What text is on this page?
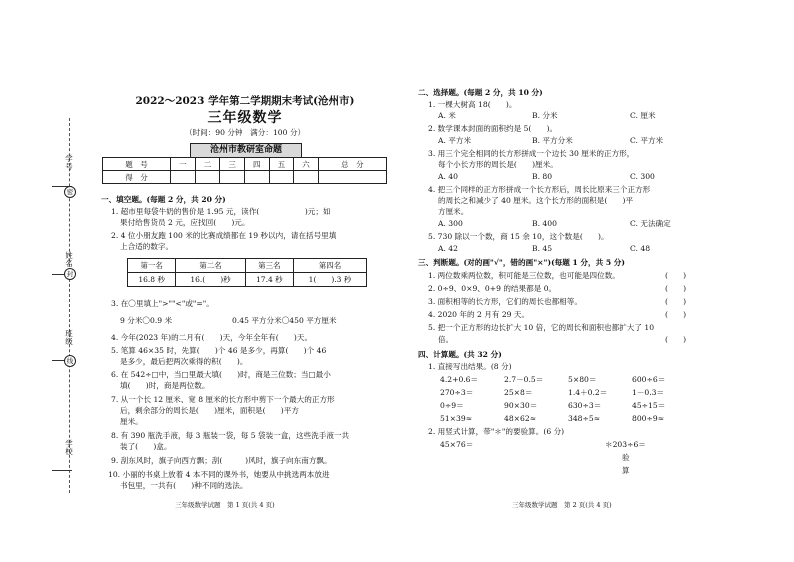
学号
密
姓名
封
班级
线
学校
2022～2023 学年第二学期期末考试(沧州市)
三年级数学
（时间：90 分钟　满分：100 分）
沧州市教研室命题
题　号	一	二	三	四	五	六	总　分
得　分							
一、填空题。(每题 2 分，共 20 分)
1. 超市里每袋牛奶的售价是 1.95 元，读作(　　　　　　)元；如
果付给售货员 2 元，应找回(　　)元。
2. 4 位小朋友跑 100 米的比赛成绩都在 19 秒以内，请在括号里填
上合适的数字。
第一名	第二名	第三名	第四名
16.8 秒	16.(　　)秒	17.4 秒	1(　　).3 秒
3. 在〇里填上">""<"或"="。
9 分米〇0.9 米	0.45 平方分米〇450 平方厘米
4. 今年(2023 年)的二月有(　　)天，今年全年有(　　)天。
5. 笔算 46×35 时，先算(　　)个 46 是多少，再算(　　)个 46
是多少，最后把两次乘得的积(　　)。
6. 在 542÷□中，当□里最大填(　　)时，商是三位数；当□最小
填(　　)时，商是两位数。
7. 从一个长 12 厘米、宽 8 厘米的长方形中剪下一个最大的正方形
后，剩余部分的周长是(　　)厘米，面积是(　　)平方
厘米。
8. 有 390 瓶洗手液，每 3 瓶装一袋，每 5 袋装一盒，这些洗手液一共
装了(　　)盒。
9. 刮东风时，旗子向西方飘；刮(　　　)风时，旗子向东南方飘。
10. 小丽的书桌上放着 4 本不同的课外书，她要从中挑选两本放进
书包里，一共有(　　)种不同的选法。
三年级数学试题　第 1 页(共 4 页)
二、选择题。(每题 2 分，共 10 分)
1. 一棵大树高 18(　　)。
A. 米	B. 分米	C. 厘米
2. 数学课本封面的面积约是 5(　　)。
A. 平方米	B. 平方分米	C. 平方米
3. 用三个完全相同的长方形拼成一个边长 30 厘米的正方形，
每个小长方形的周长是(　　)厘米。
A. 40	B. 80	C. 300
4. 把三个同样的正方形拼成一个长方形后，周长比原来三个正方形
的周长之和减少了 40 厘米。这个长方形的面积是(　　)平
方厘米。
A. 300	B. 400	C. 无法确定
5. 730 除以一个数，商 15 余 10，这个数是(　　)。
A. 42	B. 45	C. 48
三、判断题。(对的画"√"，错的画"×")(每题 1 分，共 5 分)
1. 两位数乘两位数，积可能是三位数，也可能是四位数。	(　　)
2. 0÷9、0×9、0+9 的结果都是 0。	(　　)
3. 面积相等的长方形，它们的周长也都相等。	(　　)
4. 2020 年的 2 月有 29 天。	(　　)
5. 把一个正方形的边长扩大 10 倍，它的周长和面积也都扩大了 10
倍。	(　　)
四、计算题。(共 32 分)
1. 直接写出结果。(8 分)
4.2+0.6＝	2.7－0.5＝	5×80＝	600÷6＝
270÷3＝	25×8＝	1.4＋0.2＝	1－0.3＝
0÷9＝	90×30＝	630÷3＝	45÷15＝
51×39≈	48×62≈	348÷5≈	800÷9≈
2. 用竖式计算，带"＊"的要验算。(6 分)
45×76＝	＊203÷6＝
验
算
三年级数学试题　第 2 页(共 4 页)
